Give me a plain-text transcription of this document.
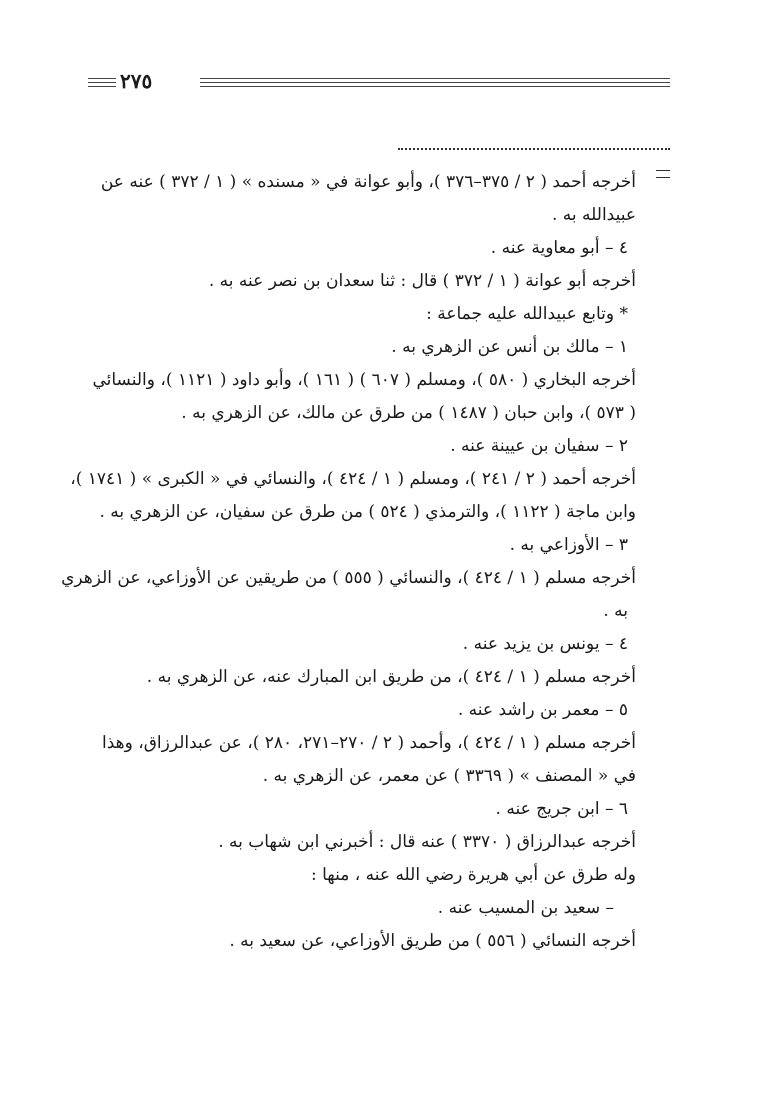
٢٧٥
أخرجه أحمد ( ٢ / ٣٧٥–٣٧٦ )، وأبو عوانة في « مسنده » ( ١ / ٣٧٢ ) عنه عن
عبيدالله به .
٤ – أبو معاوية عنه .
أخرجه أبو عوانة ( ١ / ٣٧٢ ) قال : ثنا سعدان بن نصر عنه به .
* وتابع عبيدالله عليه جماعة :
١ – مالك بن أنس عن الزهري به .
أخرجه البخاري ( ٥٨٠ )، ومسلم ( ٦٠٧ ) ( ١٦١ )، وأبو داود ( ١١٢١ )، والنسائي
( ٥٧٣ )، وابن حبان ( ١٤٨٧ ) من طرق عن مالك، عن الزهري به .
٢ – سفيان بن عيينة عنه .
أخرجه أحمد ( ٢ / ٢٤١ )، ومسلم ( ١ / ٤٢٤ )، والنسائي في « الكبرى » ( ١٧٤١ )،
وابن ماجة ( ١١٢٢ )، والترمذي ( ٥٢٤ ) من طرق عن سفيان، عن الزهري به .
٣ – الأوزاعي به .
أخرجه مسلم ( ١ / ٤٢٤ )، والنسائي ( ٥٥٥ ) من طريقين عن الأوزاعي، عن الزهري
به .
٤ – يونس بن يزيد عنه .
أخرجه مسلم ( ١ / ٤٢٤ )، من طريق ابن المبارك عنه، عن الزهري به .
٥ – معمر بن راشد عنه .
أخرجه مسلم ( ١ / ٤٢٤ )، وأحمد ( ٢ / ٢٧٠–٢٧١، ٢٨٠ )، عن عبدالرزاق، وهذا
في « المصنف » ( ٣٣٦٩ ) عن معمر، عن الزهري به .
٦ – ابن جريج عنه .
أخرجه عبدالرزاق ( ٣٣٧٠ ) عنه قال : أخبرني ابن شهاب به .
وله طرق عن أبي هريرة رضي الله عنه ، منها :
– سعيد بن المسيب عنه .
أخرجه النسائي ( ٥٥٦ ) من طريق الأوزاعي، عن سعيد به .
